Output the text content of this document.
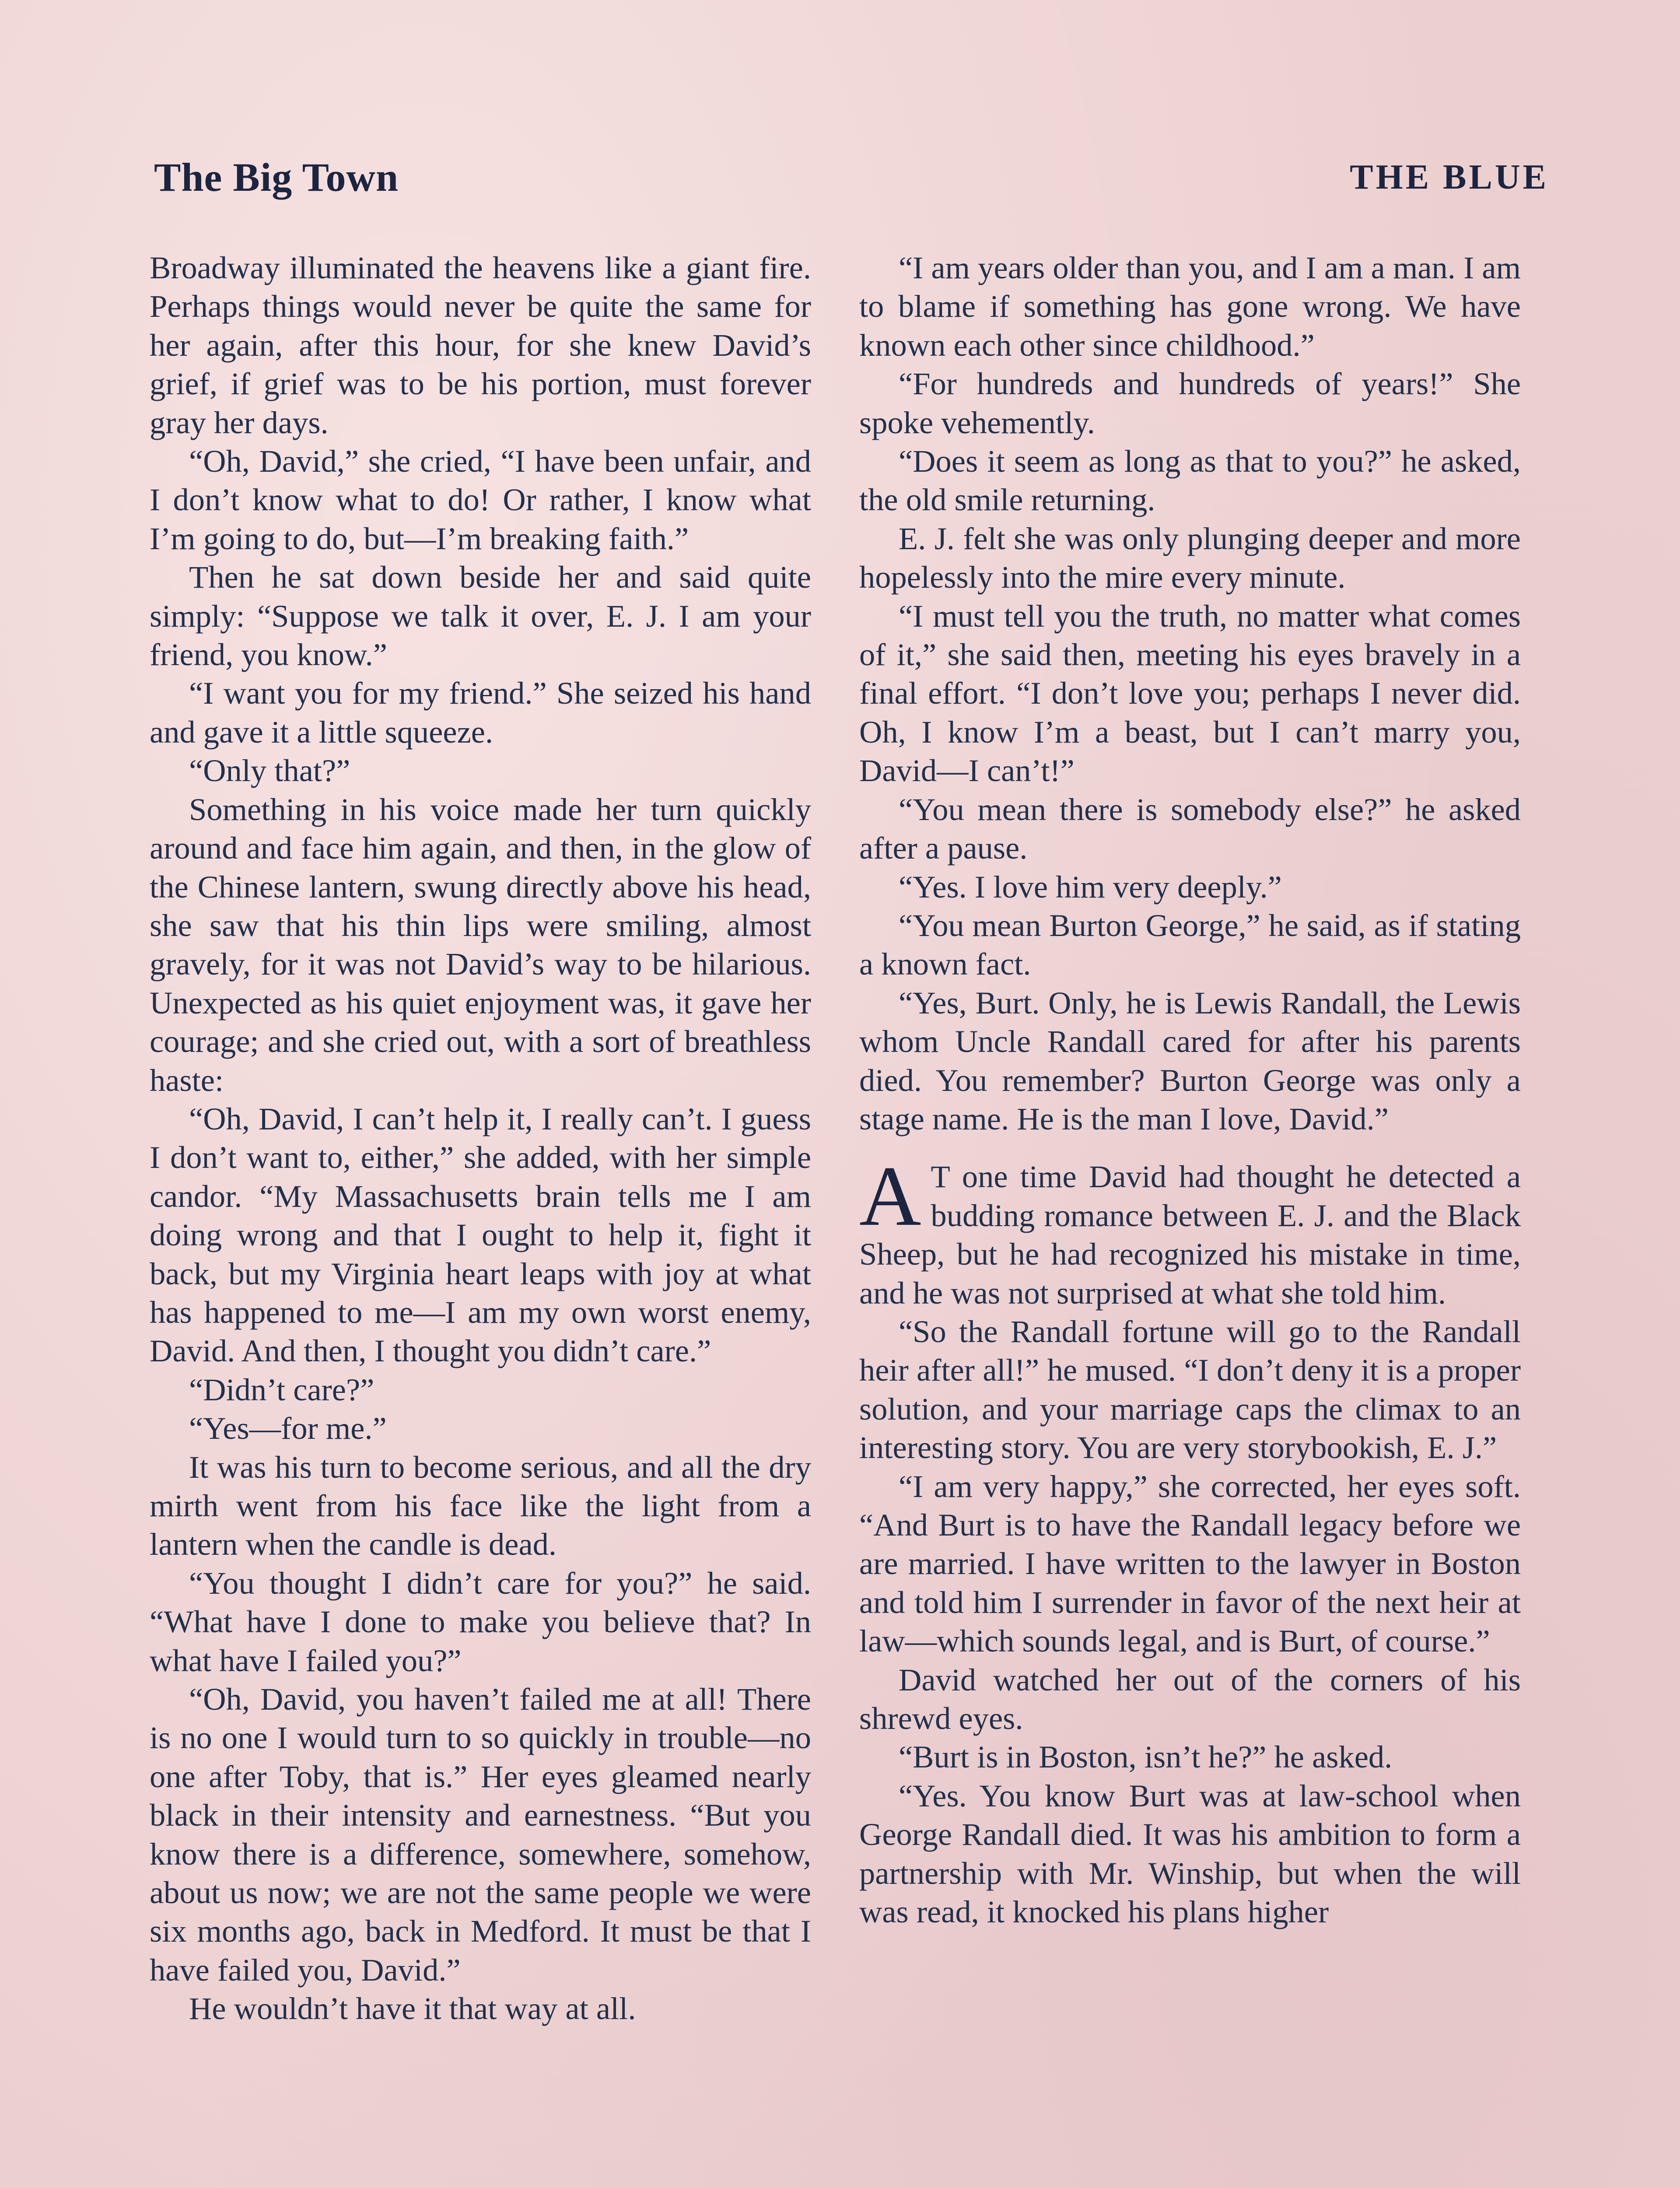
The Big Town	THE BLUE

Broadway illuminated the heavens like a giant fire. Perhaps things would never be quite the same for her again, after this hour, for she knew David’s grief, if grief was to be his portion, must forever gray her days.

“Oh, David,” she cried, “I have been unfair, and I don’t know what to do! Or rather, I know what I’m going to do, but—I’m breaking faith.”

Then he sat down beside her and said quite simply: “Suppose we talk it over, E. J. I am your friend, you know.”

“I want you for my friend.” She seized his hand and gave it a little squeeze.

“Only that?”

Something in his voice made her turn quickly around and face him again, and then, in the glow of the Chinese lantern, swung directly above his head, she saw that his thin lips were smiling, almost gravely, for it was not David’s way to be hilarious. Unexpected as his quiet enjoyment was, it gave her courage; and she cried out, with a sort of breathless haste:

“Oh, David, I can’t help it, I really can’t. I guess I don’t want to, either,” she added, with her simple candor. “My Massachusetts brain tells me I am doing wrong and that I ought to help it, fight it back, but my Virginia heart leaps with joy at what has happened to me—I am my own worst enemy, David. And then, I thought you didn’t care.”

“Didn’t care?”

“Yes—for me.”

It was his turn to become serious, and all the dry mirth went from his face like the light from a lantern when the candle is dead.

“You thought I didn’t care for you?” he said. “What have I done to make you believe that? In what have I failed you?”

“Oh, David, you haven’t failed me at all! There is no one I would turn to so quickly in trouble—no one after Toby, that is.” Her eyes gleamed nearly black in their intensity and earnestness. “But you know there is a difference, somewhere, somehow, about us now; we are not the same people we were six months ago, back in Medford. It must be that I have failed you, David.”

He wouldn’t have it that way at all.

“I am years older than you, and I am a man. I am to blame if something has gone wrong. We have known each other since childhood.”

“For hundreds and hundreds of years!” She spoke vehemently.

“Does it seem as long as that to you?” he asked, the old smile returning.

E. J. felt she was only plunging deeper and more hopelessly into the mire every minute.

“I must tell you the truth, no matter what comes of it,” she said then, meeting his eyes bravely in a final effort. “I don’t love you; perhaps I never did. Oh, I know I’m a beast, but I can’t marry you, David—I can’t!”

“You mean there is somebody else?” he asked after a pause.

“Yes. I love him very deeply.”

“You mean Burton George,” he said, as if stating a known fact.

“Yes, Burt. Only, he is Lewis Randall, the Lewis whom Uncle Randall cared for after his parents died. You remember? Burton George was only a stage name. He is the man I love, David.”

A T one time David had thought he detected a budding romance between E. J. and the Black Sheep, but he had recognized his mistake in time, and he was not surprised at what she told him.

“So the Randall fortune will go to the Randall heir after all!” he mused. “I don’t deny it is a proper solution, and your marriage caps the climax to an interesting story. You are very storybookish, E. J.”

“I am very happy,” she corrected, her eyes soft. “And Burt is to have the Randall legacy before we are married. I have written to the lawyer in Boston and told him I surrender in favor of the next heir at law—which sounds legal, and is Burt, of course.”

David watched her out of the corners of his shrewd eyes.

“Burt is in Boston, isn’t he?” he asked.

“Yes. You know Burt was at law-school when George Randall died. It was his ambition to form a partnership with Mr. Winship, but when the will was read, it knocked his plans higher
